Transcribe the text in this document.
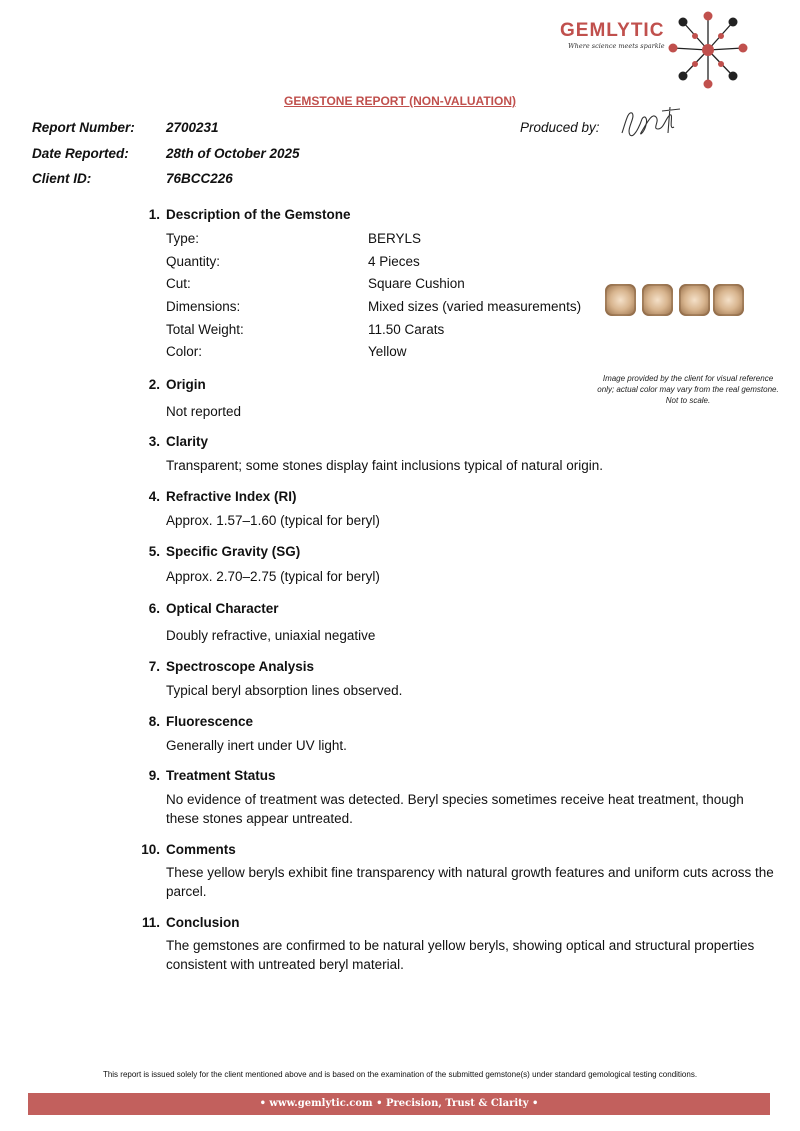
GEMLYTIC
Where science meets sparkle
GEMSTONE REPORT (NON-VALUATION)
Report Number: 2700231
Date Reported:	28th of October 2025
Client ID:	76BCC226
Produced by:
1. Description of the Gemstone
Type:	BERYLS
Quantity:	4 Pieces
Cut:	Square Cushion
Dimensions:	Mixed sizes (varied measurements)
Total Weight:	11.50 Carats
Color:	Yellow
Image provided by the client for visual reference only; actual color may vary from the real gemstone. Not to scale.
2. Origin
Not reported
3. Clarity
Transparent; some stones display faint inclusions typical of natural origin.
4. Refractive Index (RI)
Approx. 1.57–1.60 (typical for beryl)
5. Specific Gravity (SG)
Approx. 2.70–2.75 (typical for beryl)
6. Optical Character
Doubly refractive, uniaxial negative
7. Spectroscope Analysis
Typical beryl absorption lines observed.
8. Fluorescence
Generally inert under UV light.
9. Treatment Status
No evidence of treatment was detected. Beryl species sometimes receive heat treatment, though these stones appear untreated.
10. Comments
These yellow beryls exhibit fine transparency with natural growth features and uniform cuts across the parcel.
11. Conclusion
The gemstones are confirmed to be natural yellow beryls, showing optical and structural properties consistent with untreated beryl material.
This report is issued solely for the client mentioned above and is based on the examination of the submitted gemstone(s) under standard gemological testing conditions.
• www.gemlytic.com • Precision, Trust & Clarity •
